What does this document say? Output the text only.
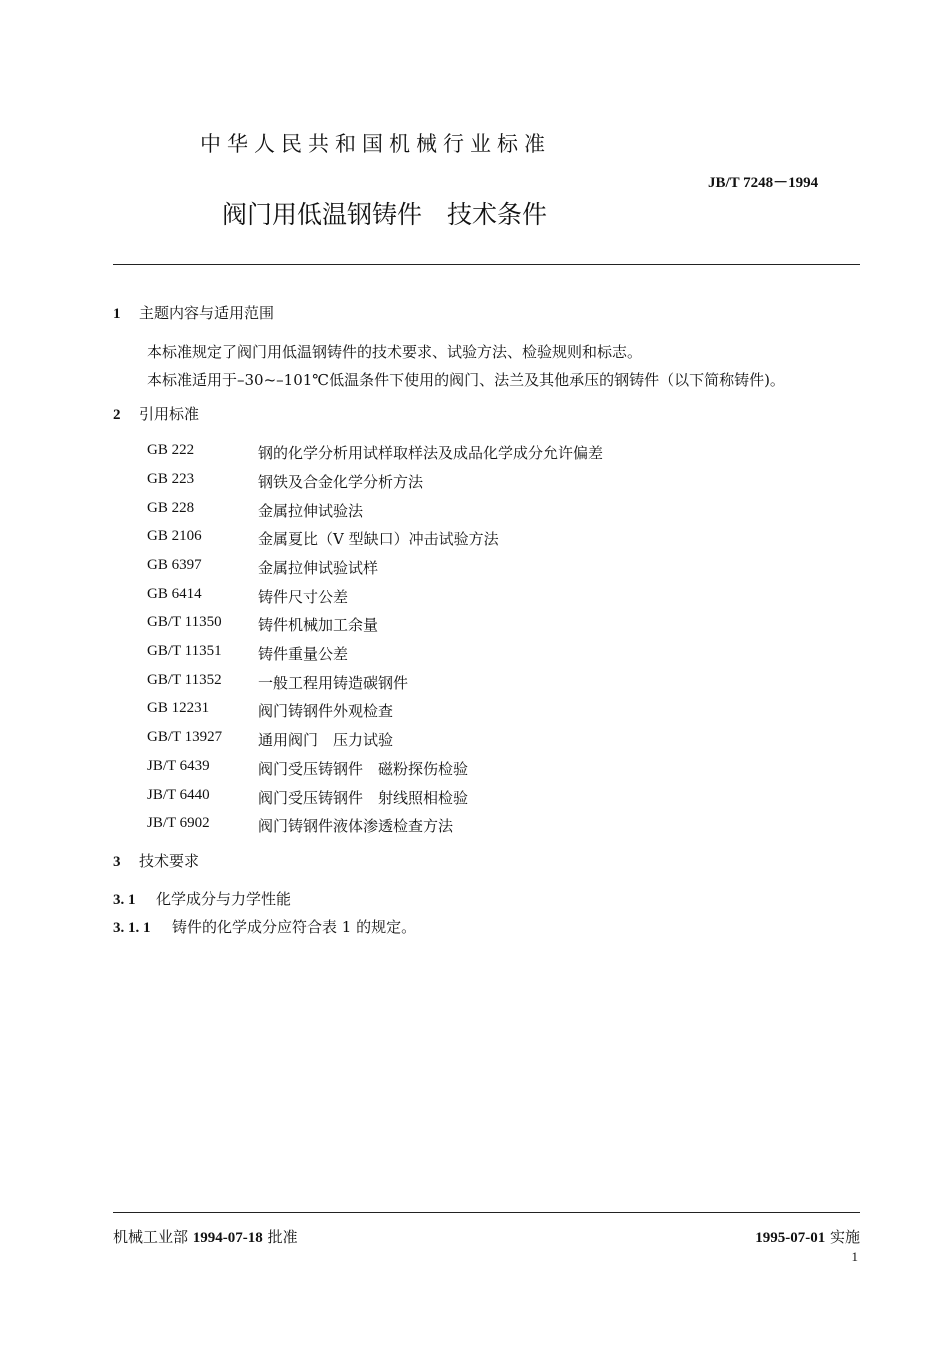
中华人民共和国机械行业标准
JB/T 7248－1994
阀门用低温钢铸件　技术条件
1 主题内容与适用范围
本标准规定了阀门用低温钢铸件的技术要求、试验方法、检验规则和标志。
本标准适用于–30~–101℃低温条件下使用的阀门、法兰及其他承压的钢铸件（以下简称铸件)。
2 引用标准
GB 222	钢的化学分析用试样取样法及成品化学成分允许偏差
GB 223	钢铁及合金化学分析方法
GB 228	金属拉伸试验法
GB 2106	金属夏比（V 型缺口）冲击试验方法
GB 6397	金属拉伸试验试样
GB 6414	铸件尺寸公差
GB/T 11350 铸件机械加工余量
GB/T 11351 铸件重量公差
GB/T 11352 一般工程用铸造碳钢件
GB 12231	阀门铸钢件外观检查
GB/T 13927 通用阀门　压力试验
JB/T 6439	阀门受压铸钢件　磁粉探伤检验
JB/T 6440	阀门受压铸钢件　射线照相检验
JB/T 6902	阀门铸钢件液体渗透检查方法
3 技术要求
3. 1 化学成分与力学性能
3. 1. 1 铸件的化学成分应符合表 1 的规定。
机械工业部 1994-07-18 批准	1995-07-01 实施
1
